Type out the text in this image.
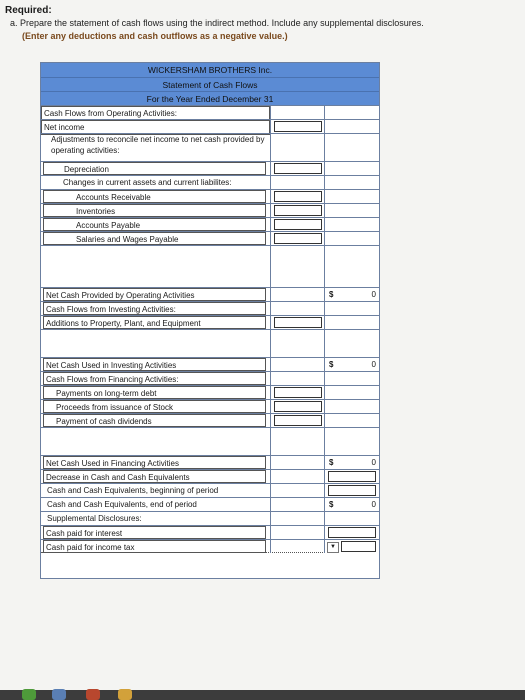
Required:
a. Prepare the statement of cash flows using the indirect method. Include any supplemental disclosures.
(Enter any deductions and cash outflows as a negative value.)
WICKERSHAM BROTHERS Inc.
Statement of Cash Flows
For the Year Ended December 31
Cash Flows from Operating Activities:
Net income
Adjustments to reconcile net income to net cash provided by operating activities:
Depreciation
Changes in current assets and current liabilites:
Accounts Receivable
Inventories
Accounts Payable
Salaries and Wages Payable
Net Cash Provided by Operating Activities	$	0
Cash Flows from Investing Activities:
Additions to Property, Plant, and Equipment
Net Cash Used in Investing Activities	$	0
Cash Flows from Financing Activities:
Payments on long-term debt
Proceeds from issuance of Stock
Payment of cash dividends
Net Cash Used in Financing Activities	$	0
Decrease in Cash and Cash Equivalents
Cash and Cash Equivalents, beginning of period
Cash and Cash Equivalents, end of period	$	0
Supplemental Disclosures:
Cash paid for interest
Cash paid for income tax	▼
